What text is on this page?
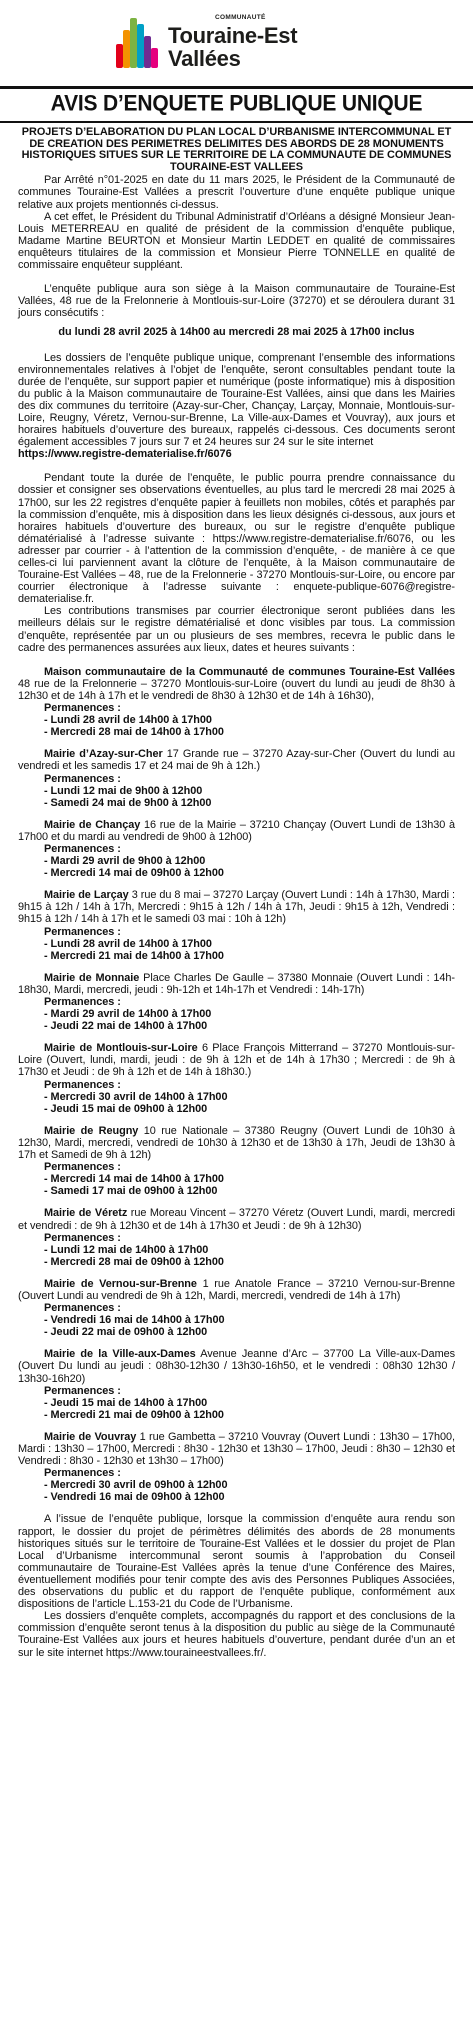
COMMUNAUTÉ
Touraine-Est
Vallées
AVIS D’ENQUETE PUBLIQUE UNIQUE
PROJETS D’ELABORATION DU PLAN LOCAL D’URBANISME INTERCOMMUNAL ET DE CREATION DES PERIMETRES DELIMITES DES ABORDS DE 28 MONUMENTS HISTORIQUES SITUES SUR LE TERRITOIRE DE LA COMMUNAUTE DE COMMUNES TOURAINE-EST VALLEES

Par Arrêté n°01-2025 en date du 11 mars 2025, le Président de la Communauté de communes Touraine-Est Vallées a prescrit l’ouverture d’une enquête publique unique relative aux projets mentionnés ci-dessus.

A cet effet, le Président du Tribunal Administratif d’Orléans a désigné Monsieur Jean-Louis METERREAU en qualité de président de la commission d’enquête publique, Madame Martine BEURTON et Monsieur Martin LEDDET en qualité de commissaires enquêteurs titulaires de la commission et Monsieur Pierre TONNELLE en qualité de commissaire enquêteur suppléant.

L’enquête publique aura son siège à la Maison communautaire de Touraine-Est Vallées, 48 rue de la Frelonnerie à Montlouis-sur-Loire (37270) et se déroulera durant 31 jours consécutifs :

du lundi 28 avril 2025 à 14h00 au mercredi 28 mai 2025 à 17h00 inclus

Les dossiers de l’enquête publique unique, comprenant l’ensemble des informations environnementales relatives à l’objet de l’enquête, seront consultables pendant toute la durée de l’enquête, sur support papier et numérique (poste informatique) mis à disposition du public à la Maison communautaire de Touraine-Est Vallées, ainsi que dans les Mairies des dix communes du territoire (Azay-sur-Cher, Chançay, Larçay, Monnaie, Montlouis-sur-Loire, Reugny, Véretz, Vernou-sur-Brenne, La Ville-aux-Dames et Vouvray), aux jours et horaires habituels d’ouverture des bureaux, rappelés ci-dessous. Ces documents seront également accessibles 7 jours sur 7 et 24 heures sur 24 sur le site internet
https://www.registre-dematerialise.fr/6076

Pendant toute la durée de l’enquête, le public pourra prendre connaissance du dossier et consigner ses observations éventuelles, au plus tard le mercredi 28 mai 2025 à 17h00, sur les 22 registres d’enquête papier à feuillets non mobiles, côtés et paraphés par la commission d’enquête, mis à disposition dans les lieux désignés ci-dessous, aux jours et horaires habituels d’ouverture des bureaux, ou sur le registre d’enquête publique dématérialisé à l’adresse suivante : https://www.registre-dematerialise.fr/6076, ou les adresser par courrier - à l’attention de la commission d’enquête, - de manière à ce que celles-ci lui parviennent avant la clôture de l’enquête, à la Maison communautaire de Touraine-Est Vallées – 48, rue de la Frelonnerie - 37270 Montlouis-sur-Loire, ou encore par courrier électronique à l’adresse suivante : enquete-publique-6076@registre-dematerialise.fr.

Les contributions transmises par courrier électronique seront publiées dans les meilleurs délais sur le registre dématérialisé et donc visibles par tous. La commission d’enquête, représentée par un ou plusieurs de ses membres, recevra le public dans le cadre des permanences assurées aux lieux, dates et heures suivants :

Maison communautaire de la Communauté de communes Touraine-Est Vallées 48 rue de la Frelonnerie – 37270 Montlouis-sur-Loire (ouvert du lundi au jeudi de 8h30 à 12h30 et de 14h à 17h et le vendredi de 8h30 à 12h30 et de 14h à 16h30),

Permanences :
- Lundi 28 avril de 14h00 à 17h00
- Mercredi 28 mai de 14h00 à 17h00

Mairie d’Azay-sur-Cher 17 Grande rue – 37270 Azay-sur-Cher (Ouvert du lundi au vendredi et les samedis 17 et 24 mai de 9h à 12h.)

Permanences :
- Lundi 12 mai de 9h00 à 12h00
- Samedi 24 mai de 9h00 à 12h00

Mairie de Chançay 16 rue de la Mairie – 37210 Chançay (Ouvert Lundi de 13h30 à 17h00 et du mardi au vendredi de 9h00 à 12h00)

Permanences :
- Mardi 29 avril de 9h00 à 12h00
- Mercredi 14 mai de 09h00 à 12h00

Mairie de Larçay 3 rue du 8 mai – 37270 Larçay (Ouvert Lundi : 14h à 17h30, Mardi : 9h15 à 12h / 14h à 17h, Mercredi : 9h15 à 12h / 14h à 17h, Jeudi : 9h15 à 12h, Vendredi : 9h15 à 12h / 14h à 17h et le samedi 03 mai : 10h à 12h)

Permanences :
- Lundi 28 avril de 14h00 à 17h00
- Mercredi 21 mai de 14h00 à 17h00

Mairie de Monnaie Place Charles De Gaulle – 37380 Monnaie (Ouvert Lundi : 14h-18h30, Mardi, mercredi, jeudi : 9h-12h et 14h-17h et Vendredi : 14h-17h)

Permanences :
- Mardi 29 avril de 14h00 à 17h00
- Jeudi 22 mai de 14h00 à 17h00

Mairie de Montlouis-sur-Loire 6 Place François Mitterrand – 37270 Montlouis-sur-Loire (Ouvert, lundi, mardi, jeudi : de 9h à 12h et de 14h à 17h30 ; Mercredi : de 9h à 17h30 et Jeudi : de 9h à 12h et de 14h à 18h30.)

Permanences :
- Mercredi 30 avril de 14h00 à 17h00
- Jeudi 15 mai de 09h00 à 12h00

Mairie de Reugny 10 rue Nationale – 37380 Reugny (Ouvert Lundi de 10h30 à 12h30, Mardi, mercredi, vendredi de 10h30 à 12h30 et de 13h30 à 17h, Jeudi de 13h30 à 17h et Samedi de 9h à 12h)

Permanences :
- Mercredi 14 mai de 14h00 à 17h00
- Samedi 17 mai de 09h00 à 12h00

Mairie de Véretz rue Moreau Vincent – 37270 Véretz (Ouvert Lundi, mardi, mercredi et vendredi : de 9h à 12h30 et de 14h à 17h30 et Jeudi : de 9h à 12h30)

Permanences :
- Lundi 12 mai de 14h00 à 17h00
- Mercredi 28 mai de 09h00 à 12h00

Mairie de Vernou-sur-Brenne 1 rue Anatole France – 37210 Vernou-sur-Brenne (Ouvert Lundi au vendredi de 9h à 12h, Mardi, mercredi, vendredi de 14h à 17h)

Permanences :
- Vendredi 16 mai de 14h00 à 17h00
- Jeudi 22 mai de 09h00 à 12h00

Mairie de la Ville-aux-Dames Avenue Jeanne d’Arc – 37700 La Ville-aux-Dames (Ouvert Du lundi au jeudi : 08h30-12h30 / 13h30-16h50, et le vendredi : 08h30 12h30 / 13h30-16h20)

Permanences :
- Jeudi 15 mai de 14h00 à 17h00
- Mercredi 21 mai de 09h00 à 12h00

Mairie de Vouvray 1 rue Gambetta – 37210 Vouvray (Ouvert Lundi : 13h30 – 17h00, Mardi : 13h30 – 17h00, Mercredi : 8h30 - 12h30 et 13h30 – 17h00, Jeudi : 8h30 – 12h30 et Vendredi : 8h30 - 12h30 et 13h30 – 17h00)

Permanences :
- Mercredi 30 avril de 09h00 à 12h00
- Vendredi 16 mai de 09h00 à 12h00

A l’issue de l’enquête publique, lorsque la commission d’enquête aura rendu son rapport, le dossier du projet de périmètres délimités des abords de 28 monuments historiques situés sur le territoire de Touraine-Est Vallées et le dossier du projet de Plan Local d’Urbanisme intercommunal seront soumis à l’approbation du Conseil communautaire de Touraine-Est Vallées après la tenue d’une Conférence des Maires, éventuellement modifiés pour tenir compte des avis des Personnes Publiques Associées, des observations du public et du rapport de l’enquête publique, conformément aux dispositions de l’article L.153-21 du Code de l’Urbanisme.

Les dossiers d’enquête complets, accompagnés du rapport et des conclusions de la commission d’enquête seront tenus à la disposition du public au siège de la Communauté Touraine-Est Vallées aux jours et heures habituels d’ouverture, pendant durée d’un an et sur le site internet https://www.touraineestvallees.fr/.
